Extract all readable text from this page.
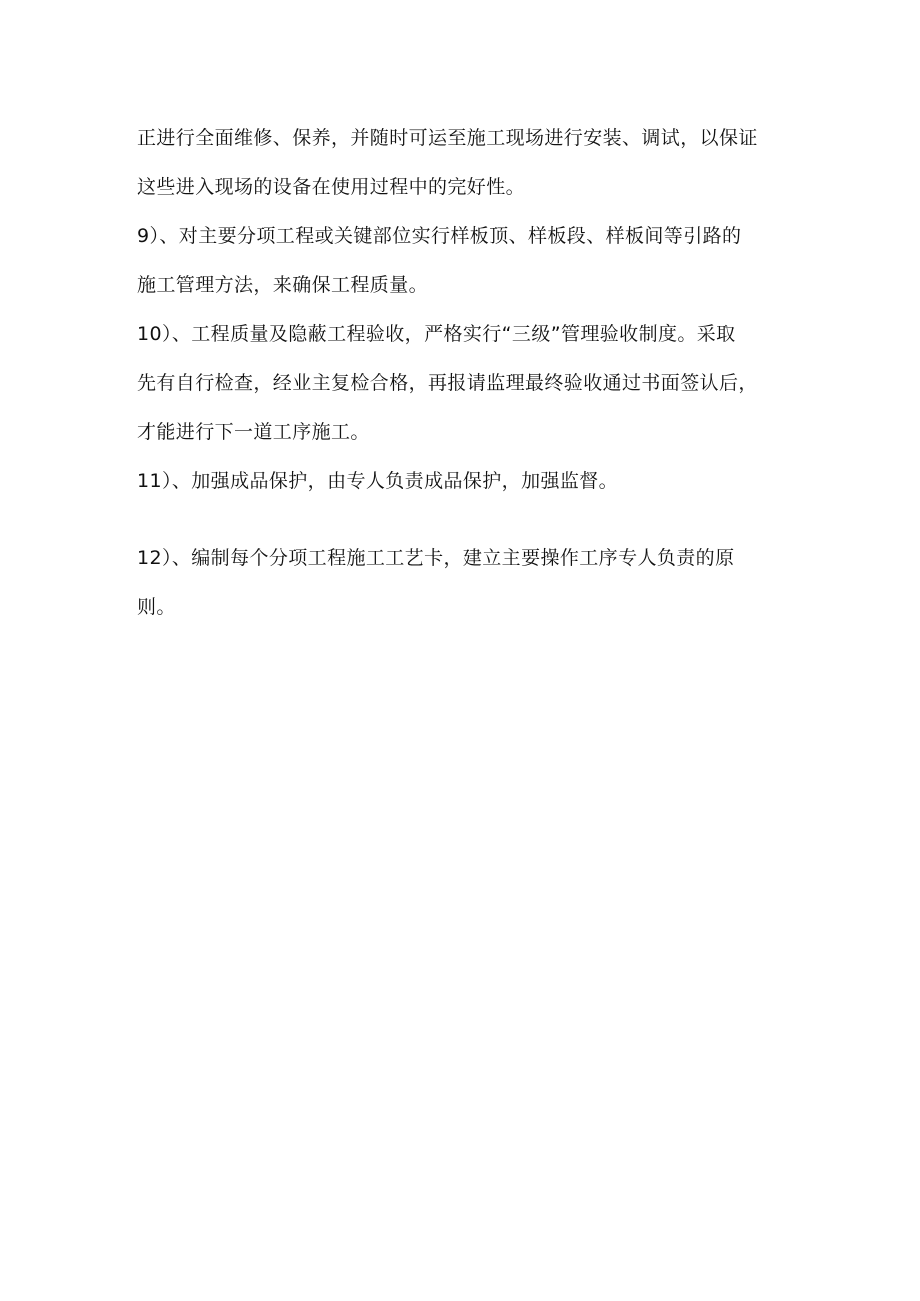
正进行全面维修、保养，并随时可运至施工现场进行安装、调试，以保证
这些进入现场的设备在使用过程中的完好性。
9）、对主要分项工程或关键部位实行样板顶、样板段、样板间等引路的
施工管理方法，来确保工程质量。
10）、工程质量及隐蔽工程验收，严格实行“三级”管理验收制度。采取
先有自行检查，经业主复检合格，再报请监理最终验收通过书面签认后，
才能进行下一道工序施工。
11）、加强成品保护，由专人负责成品保护，加强监督。
12）、编制每个分项工程施工工艺卡，建立主要操作工序专人负责的原
则。
